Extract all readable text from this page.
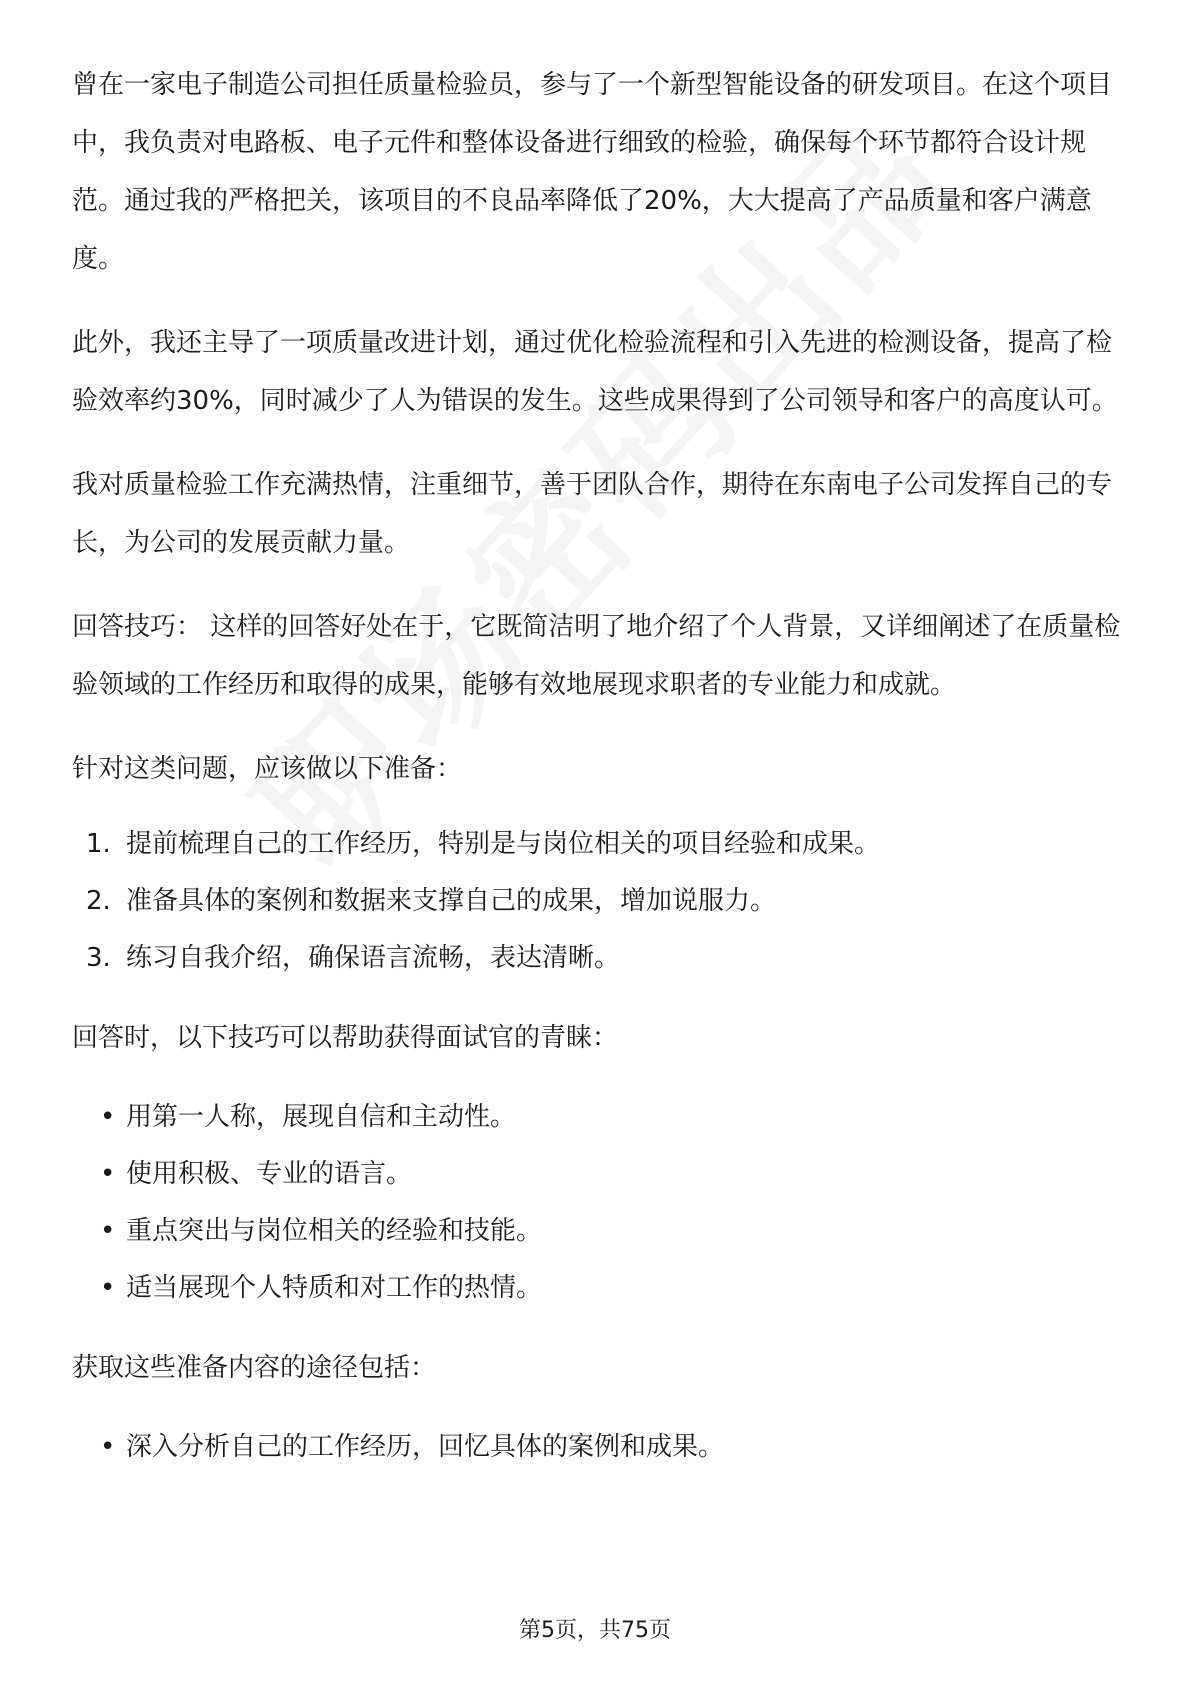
曾在一家电子制造公司担任质量检验员，参与了一个新型智能设备的研发项目。在这个项目中，我负责对电路板、电子元件和整体设备进行细致的检验，确保每个环节都符合设计规范。通过我的严格把关，该项目的不良品率降低了20%，大大提高了产品质量和客户满意度。

此外，我还主导了一项质量改进计划，通过优化检验流程和引入先进的检测设备，提高了检验效率约30%，同时减少了人为错误的发生。这些成果得到了公司领导和客户的高度认可。

我对质量检验工作充满热情，注重细节，善于团队合作，期待在东南电子公司发挥自己的专长，为公司的发展贡献力量。

回答技巧： 这样的回答好处在于，它既简洁明了地介绍了个人背景，又详细阐述了在质量检验领域的工作经历和取得的成果，能够有效地展现求职者的专业能力和成就。

针对这类问题，应该做以下准备：

1. 提前梳理自己的工作经历，特别是与岗位相关的项目经验和成果。
2. 准备具体的案例和数据来支撑自己的成果，增加说服力。
3. 练习自我介绍，确保语言流畅，表达清晰。

回答时，以下技巧可以帮助获得面试官的青睐：

• 用第一人称，展现自信和主动性。
• 使用积极、专业的语言。
• 重点突出与岗位相关的经验和技能。
• 适当展现个人特质和对工作的热情。

获取这些准备内容的途径包括：

• 深入分析自己的工作经历，回忆具体的案例和成果。
第5页，共75页
